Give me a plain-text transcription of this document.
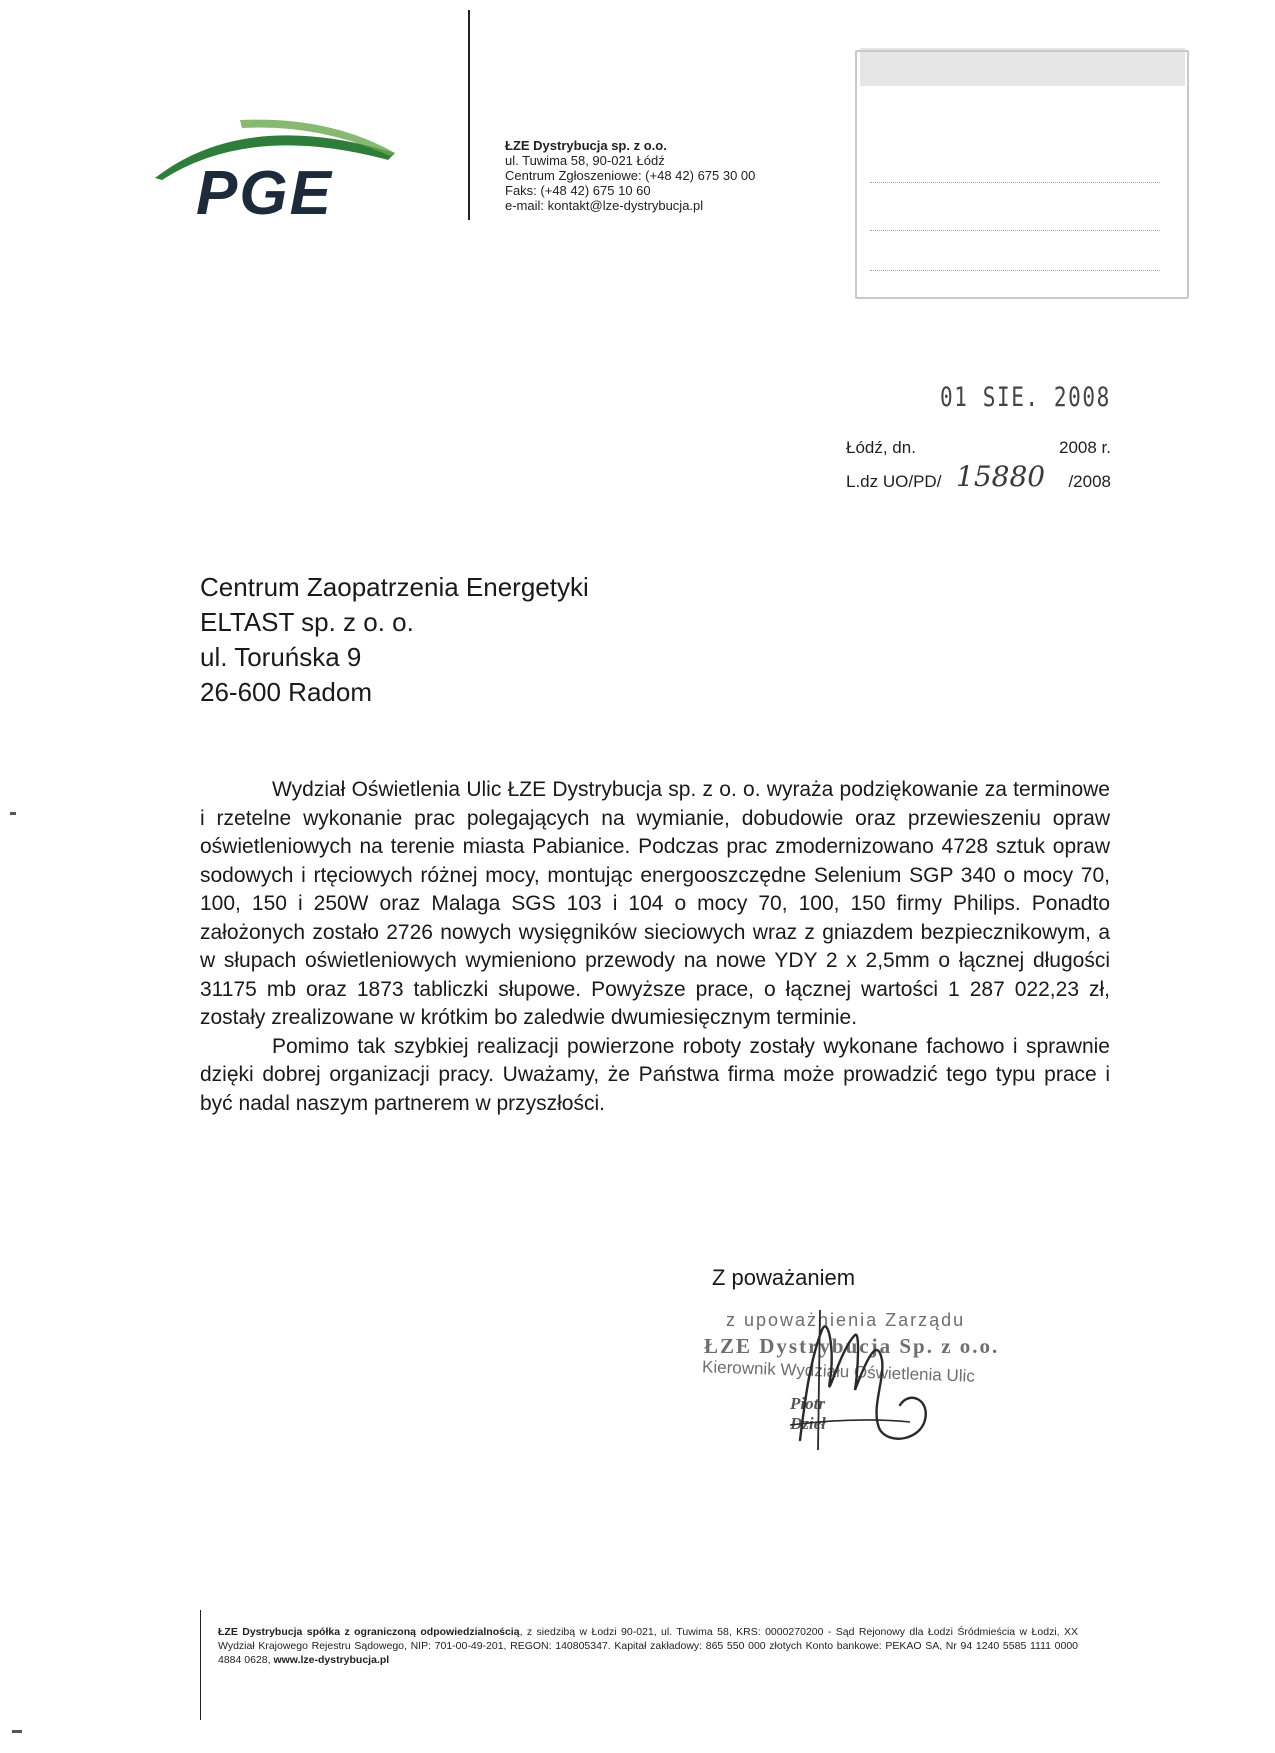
PGE
ŁZE Dystrybucja sp. z o.o.
ul. Tuwima 58, 90-021 Łódź
Centrum Zgłoszeniowe: (+48 42) 675 30 00
Faks: (+48 42) 675 10 60
e-mail: kontakt@lze-dystrybucja.pl
01 SIE. 2008
Łódź, dn.	2008 r.
L.dz UO/PD/ 15880 /2008
Centrum Zaopatrzenia Energetyki
ELTAST sp. z o. o.
ul. Toruńska 9
26-600 Radom

Wydział Oświetlenia Ulic ŁZE Dystrybucja sp. z o. o. wyraża podziękowanie za terminowe i rzetelne wykonanie prac polegających na wymianie, dobudowie oraz przewieszeniu opraw oświetleniowych na terenie miasta Pabianice. Podczas prac zmodernizowano 4728 sztuk opraw sodowych i rtęciowych różnej mocy, montując energooszczędne Selenium SGP 340 o mocy 70, 100, 150 i 250W oraz Malaga SGS 103 i 104 o mocy 70, 100, 150 firmy Philips. Ponadto założonych zostało 2726 nowych wysięgników sieciowych wraz z gniazdem bezpiecznikowym, a w słupach oświetleniowych wymieniono przewody na nowe YDY 2 x 2,5mm o łącznej długości 31175 mb oraz 1873 tabliczki słupowe. Powyższe prace, o łącznej wartości 1 287 022,23 zł, zostały zrealizowane w krótkim bo zaledwie dwumiesięcznym terminie.

Pomimo tak szybkiej realizacji powierzone roboty zostały wykonane fachowo i sprawnie dzięki dobrej organizacji pracy. Uważamy, że Państwa firma może prowadzić tego typu prace i być nadal naszym partnerem w przyszłości.

Z poważaniem
z upoważnienia Zarządu
ŁZE Dystrybucja Sp. z o.o.
Kierownik Wydziału Oświetlenia Ulic
Piotr Dzieł
ŁZE Dystrybucja spółka z ograniczoną odpowiedzialnością, z siedzibą w Łodzi 90-021, ul. Tuwima 58, KRS: 0000270200 - Sąd Rejonowy dla Łodzi Śródmieścia w Łodzi, XX Wydział Krajowego Rejestru Sądowego, NIP: 701-00-49-201, REGON: 140805347. Kapitał zakładowy: 865 550 000 złotych Konto bankowe: PEKAO SA, Nr 94 1240 5585 1111 0000 4884 0628, www.lze-dystrybucja.pl
